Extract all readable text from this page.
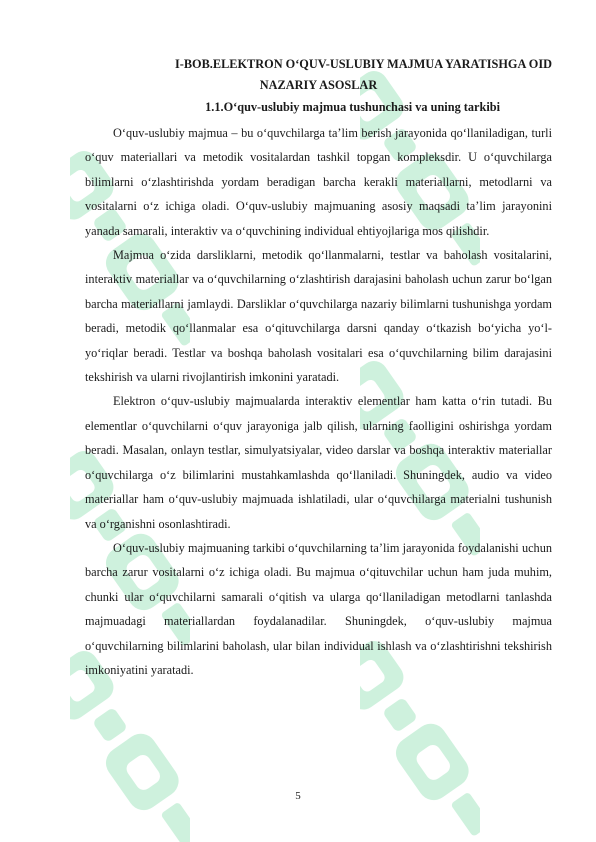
I-BOB.ELEKTRON O‘QUV-USLUBIY MAJMUA YARATISHGA OID

NAZARIY ASOSLAR

1.1.O‘quv-uslubiy majmua tushunchasi va uning tarkibi

O‘quv-uslubiy majmua – bu o‘quvchilarga ta’lim berish jarayonida qo‘llaniladigan, turli o‘quv materiallari va metodik vositalardan tashkil topgan kompleksdir. U o‘quvchilarga bilimlarni o‘zlashtirishda yordam beradigan barcha kerakli materiallarni, metodlarni va vositalarni o‘z ichiga oladi. O‘quv-uslubiy majmuaning asosiy maqsadi ta’lim jarayonini yanada samarali, interaktiv va o‘quvchining individual ehtiyojlariga mos qilishdir.

Majmua o‘zida darsliklarni, metodik qo‘llanmalarni, testlar va baholash vositalarini, interaktiv materiallar va o‘quvchilarning o‘zlashtirish darajasini baholash uchun zarur bo‘lgan barcha materiallarni jamlaydi. Darsliklar o‘quvchilarga nazariy bilimlarni tushunishga yordam beradi, metodik qo‘llanmalar esa o‘qituvchilarga darsni qanday o‘tkazish bo‘yicha yo‘l-yo‘riqlar beradi. Testlar va boshqa baholash vositalari esa o‘quvchilarning bilim darajasini tekshirish va ularni rivojlantirish imkonini yaratadi.

Elektron o‘quv-uslubiy majmualarda interaktiv elementlar ham katta o‘rin tutadi. Bu elementlar o‘quvchilarni o‘quv jarayoniga jalb qilish, ularning faolligini oshirishga yordam beradi. Masalan, onlayn testlar, simulyatsiyalar, video darslar va boshqa interaktiv materiallar o‘quvchilarga o‘z bilimlarini mustahkamlashda qo‘llaniladi. Shuningdek, audio va video materiallar ham o‘quv-uslubiy majmuada ishlatiladi, ular o‘quvchilarga materialni tushunish va o‘rganishni osonlashtiradi.

O‘quv-uslubiy majmuaning tarkibi o‘quvchilarning ta’lim jarayonida foydalanishi uchun barcha zarur vositalarni o‘z ichiga oladi. Bu majmua o‘qituvchilar uchun ham juda muhim, chunki ular o‘quvchilarni samarali o‘qitish va ularga qo‘llaniladigan metodlarni tanlashda majmuadagi materiallardan foydalanadilar. Shuningdek, o‘quv-uslubiy majmua o‘quvchilarning bilimlarini baholash, ular bilan individual ishlash va o‘zlashtirishni tekshirish imkoniyatini yaratadi.

5
